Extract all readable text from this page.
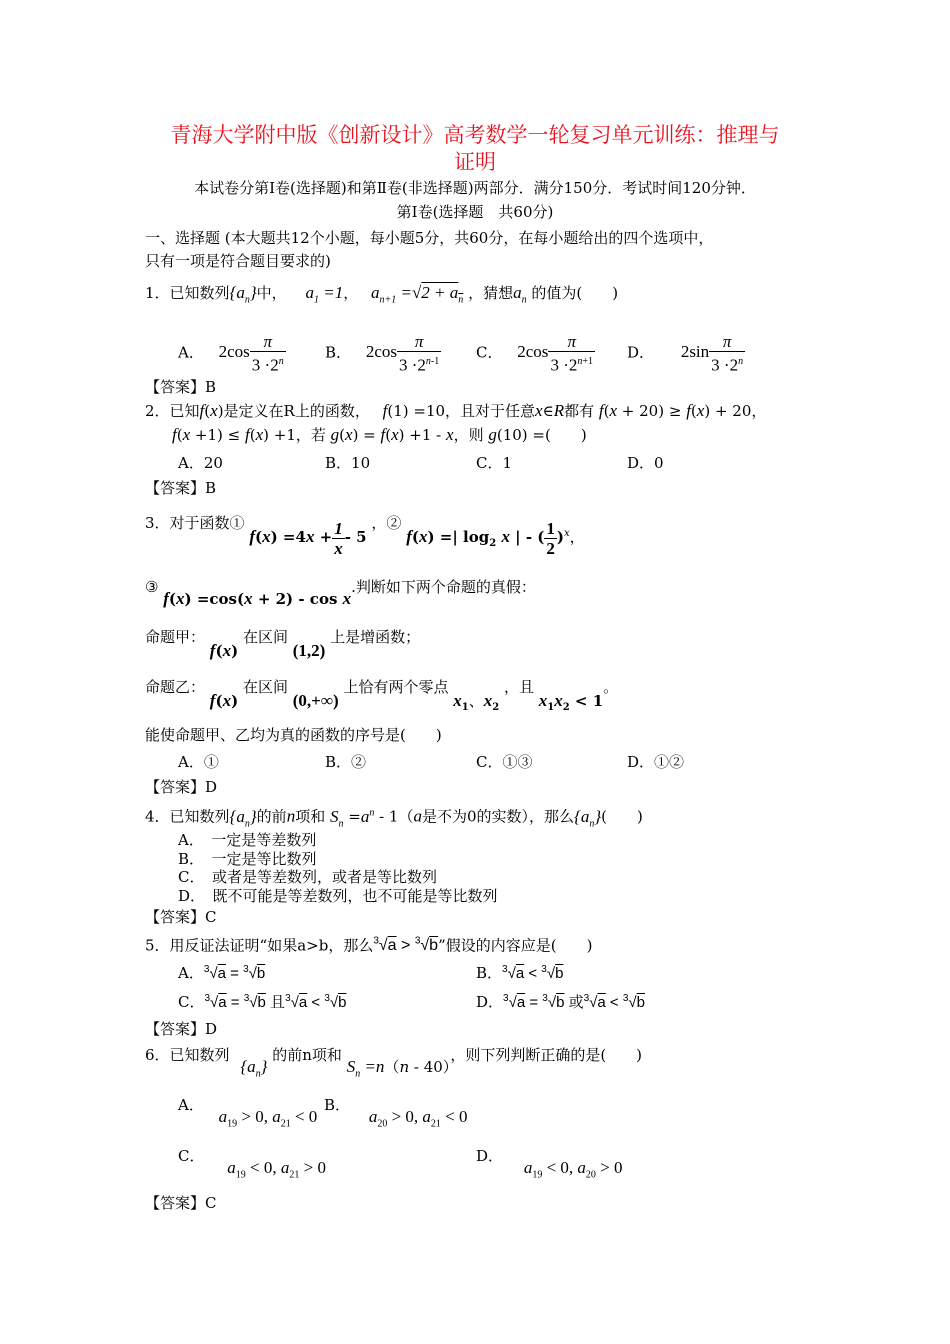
青海大学附中版《创新设计》高考数学一轮复习单元训练：推理与
证明
本试卷分第Ⅰ卷(选择题)和第Ⅱ卷(非选择题)两部分．满分150分．考试时间120分钟．
第Ⅰ卷(选择题　共60分)
一、选择题 (本大题共12个小题，每小题5分，共60分，在每小题给出的四个选项中，
只有一项是符合题目要求的)
1．已知数列$\{a_n\}$中， $a_1 =1$， $a_{n+1} =√2 + a_n$ ，猜想$a_n$ 的值为(　　)
A． $2\cos \frac{\pi}{3 \cdot 2^n}$	B． $2\cos \frac{\pi}{3 \cdot 2^{n-1}}$ C． $2\cos \frac{\pi}{3 \cdot 2^{n+1}}$ D． $2\sin \frac{\pi}{3 \cdot 2^n}$
【答案】B
2．已知f(x)是定义在R上的函数， f(1) =10，且对于任意x∈R都有 f(x + 20) ≥ f(x) + 20，
f(x +1) ≤ f(x) +1，若 g(x) = f(x) +1 - x，则 g(10) =(　　)
A．20	B．10	C．1	D．0
【答案】B
3．对于函数① $f(x) =4x + \frac{1}{x} - 5$ ，② f(x) =| $\log_2 x$ | - ( $\frac{1}{2} )^x$，
③ f(x) =cos(x + 2) - cos x.判断如下两个命题的真假：
命题甲： f(x) 在区间 (1,2) 上是增函数；
命题乙： f(x) 在区间 (0,+∞) 上恰有两个零点 $x_1$、$x_2$ ，且 $x_1x_2 < 1$。
能使命题甲、乙均为真的函数的序号是(　　)
A．①	B．②	C．①③	D．①②
【答案】D
4．已知数列$\{a_n\}$的前n项和 $S_n =a^n - 1(a$是不为0的实数），那么$\{a_n\}$(　　)
A．　一定是等差数列
B．　一定是等比数列
C．　或者是等差数列，或者是等比数列
D．　既不可能是等差数列，也不可能是等比数列
【答案】C
5．用反证法证明“如果a>b，那么$^3$√a > $^3$√b”假设的内容应是(　　)
A．$^3$√a = $^3$√b	B．$^3$√a < $^3$√b
C．$^3$√a = $^3$√b 且$^3$√a < $^3$√b	D．$^3$√a = $^3$√b 或$^3$√a < $^3$√b
【答案】D
6．已知数列 $\{a_n\}$ 的前n项和 $S_n =n(n - 40)$，则下列判断正确的是(　　)
A． $a_{19} > 0$, $a_{21} < 0$
B． $a_{20} > 0$, $a_{21} < 0$
C． $a_{19} < 0$, $a_{21} > 0$
D． $a_{19} < 0$, $a_{20} > 0$
【答案】C
